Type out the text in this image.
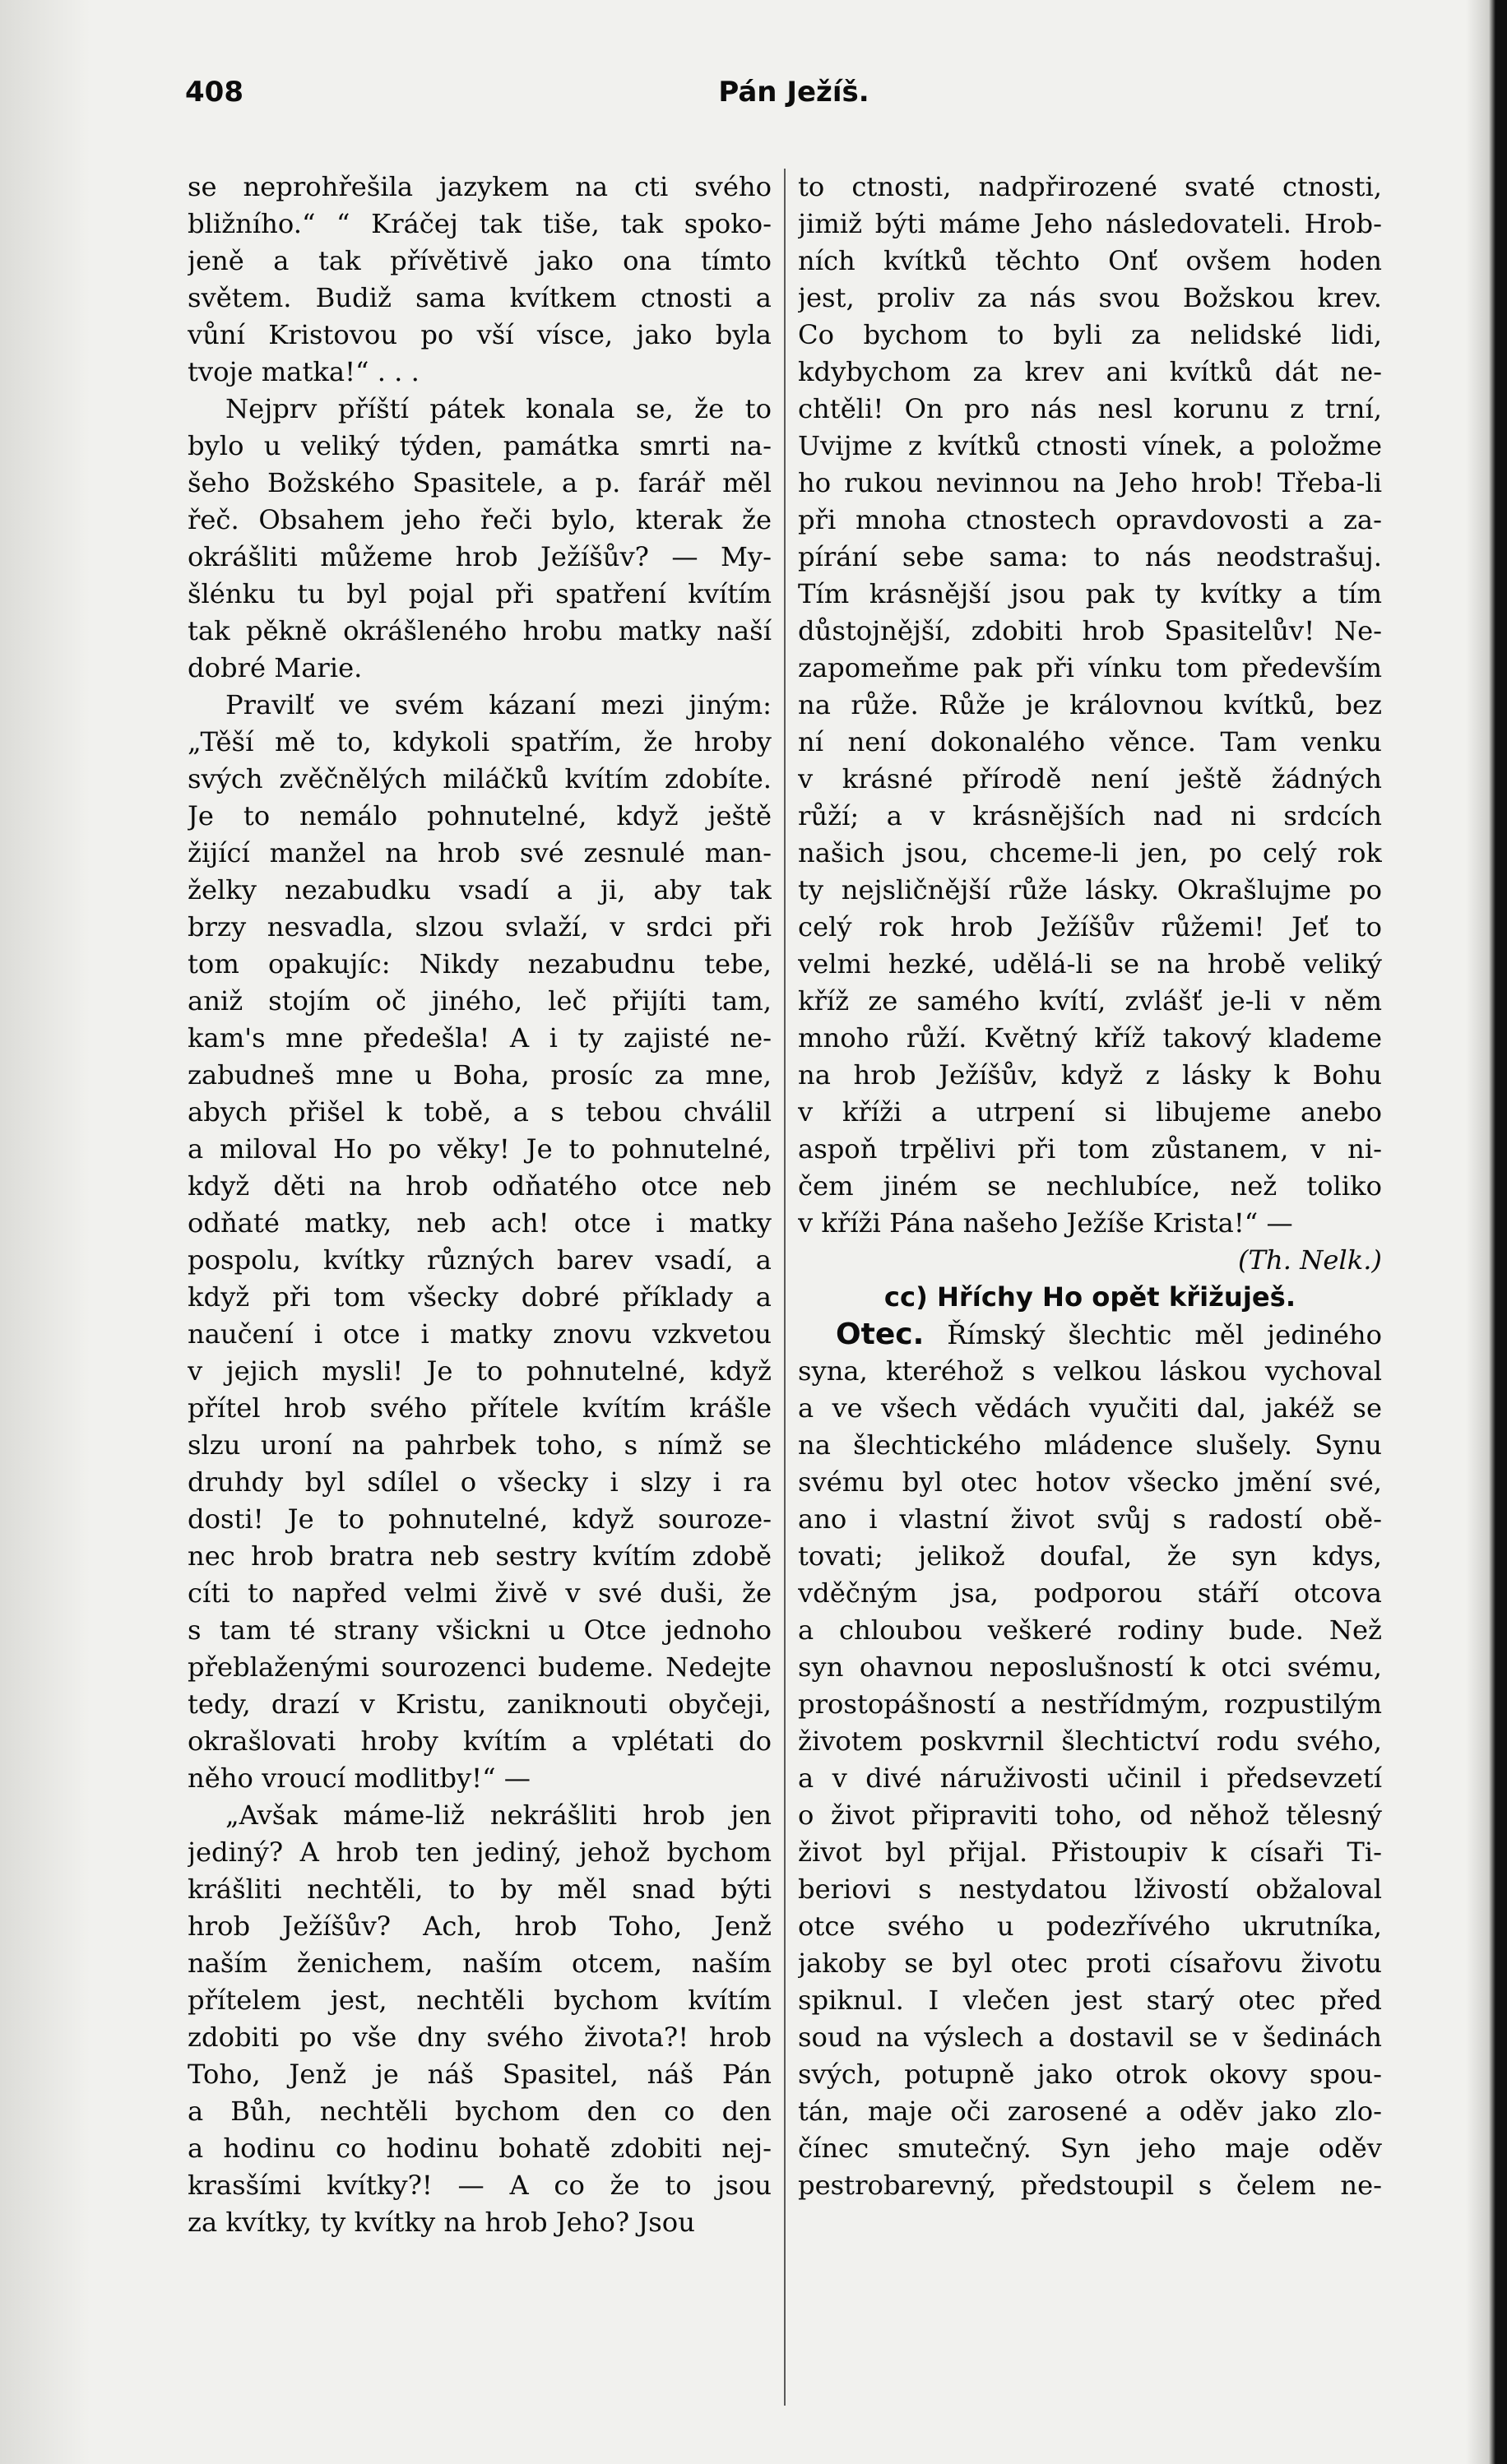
408	Pán Ježíš.
se neprohřešila jazykem na cti svého
bližního.“ “ Kráčej tak tiše, tak spoko-
jeně a tak přívětivě jako ona tímto
světem. Budiž sama kvítkem ctnosti a
vůní Kristovou po vší vísce, jako byla
tvoje matka!“ . . .
Nejprv příští pátek konala se, že to
bylo u veliký týden, památka smrti na-
šeho Božského Spasitele, a p. farář měl
řeč. Obsahem jeho řeči bylo, kterak že
okrášliti můžeme hrob Ježíšův? — My-
šlénku tu byl pojal při spatření kvítím
tak pěkně okrášleného hrobu matky naší
dobré Marie.
Pravilť ve svém kázaní mezi jiným:
„Těší mě to, kdykoli spatřím, že hroby
svých zvěčnělých miláčků kvítím zdobíte.
Je to nemálo pohnutelné, když ještě
žijící manžel na hrob své zesnulé man-
želky nezabudku vsadí a ji, aby tak
brzy nesvadla, slzou svlaží, v srdci při
tom opakujíc: Nikdy nezabudnu tebe,
aniž stojím oč jiného, leč přijíti tam,
kam's mne předešla! A i ty zajisté ne-
zabudneš mne u Boha, prosíc za mne,
abych přišel k tobě, a s tebou chválil
a miloval Ho po věky! Je to pohnutelné,
když děti na hrob odňatého otce neb
odňaté matky, neb ach! otce i matky
pospolu, kvítky různých barev vsadí, a
když při tom všecky dobré příklady a
naučení i otce i matky znovu vzkvetou
v jejich mysli! Je to pohnutelné, když
přítel hrob svého přítele kvítím krášle
slzu uroní na pahrbek toho, s nímž se
druhdy byl sdílel o všecky i slzy i ra
dosti! Je to pohnutelné, když souroze-
nec hrob bratra neb sestry kvítím zdobě
cíti to napřed velmi živě v své duši, že
s tam té strany všickni u Otce jednoho
přeblaženými sourozenci budeme. Nedejte
tedy, drazí v Kristu, zaniknouti obyčeji,
okrašlovati hroby kvítím a vplétati do
něho vroucí modlitby!“ —
„Avšak máme-liž nekrášliti hrob jen
jediný? A hrob ten jediný, jehož bychom
krášliti nechtěli, to by měl snad býti
hrob Ježíšův? Ach, hrob Toho, Jenž
naším ženichem, naším otcem, naším
přítelem jest, nechtěli bychom kvítím
zdobiti po vše dny svého života?! hrob
Toho, Jenž je náš Spasitel, náš Pán
a Bůh, nechtěli bychom den co den
a hodinu co hodinu bohatě zdobiti nej-
krasšími kvítky?! — A co že to jsou
za kvítky, ty kvítky na hrob Jeho? Jsou
to ctnosti, nadpřirozené svaté ctnosti,
jimiž býti máme Jeho následovateli. Hrob-
ních kvítků těchto Onť ovšem hoden
jest, proliv za nás svou Božskou krev.
Co bychom to byli za nelidské lidi,
kdybychom za krev ani kvítků dát ne-
chtěli! On pro nás nesl korunu z trní,
Uvijme z kvítků ctnosti vínek, a položme
ho rukou nevinnou na Jeho hrob! Třeba-li
při mnoha ctnostech opravdovosti a za-
pírání sebe sama: to nás neodstrašuj.
Tím krásnější jsou pak ty kvítky a tím
důstojnější, zdobiti hrob Spasitelův! Ne-
zapomeňme pak při vínku tom především
na růže. Růže je královnou kvítků, bez
ní není dokonalého věnce. Tam venku
v krásné přírodě není ještě žádných
růží; a v krásnějších nad ni srdcích
našich jsou, chceme-li jen, po celý rok
ty nejsličnější růže lásky. Okrašlujme po
celý rok hrob Ježíšův růžemi! Jeť to
velmi hezké, udělá-li se na hrobě veliký
kříž ze samého kvítí, zvlášť je-li v něm
mnoho růží. Květný kříž takový klademe
na hrob Ježíšův, když z lásky k Bohu
v kříži a utrpení si libujeme anebo
aspoň trpělivi při tom zůstanem, v ni-
čem jiném se nechlubíce, než toliko
v kříži Pána našeho Ježíše Krista!“ —
(Th. Nelk.)
cc) Hříchy Ho opět křižuješ.
Otec. Římský šlechtic měl jediného
syna, kteréhož s velkou láskou vychoval
a ve všech vědách vyučiti dal, jakéž se
na šlechtického mládence slušely. Synu
svému byl otec hotov všecko jmění své,
ano i vlastní život svůj s radostí obě-
tovati; jelikož doufal, že syn kdys,
vděčným jsa, podporou stáří otcova
a chloubou veškeré rodiny bude. Než
syn ohavnou neposlušností k otci svému,
prostopášností a nestřídmým, rozpustilým
životem poskvrnil šlechtictví rodu svého,
a v divé náruživosti učinil i předsevzetí
o život připraviti toho, od něhož tělesný
život byl přijal. Přistoupiv k císaři Ti-
beriovi s nestydatou lživostí obžaloval
otce svého u podezřívého ukrutníka,
jakoby se byl otec proti císařovu životu
spiknul. I vlečen jest starý otec před
soud na výslech a dostavil se v šedinách
svých, potupně jako otrok okovy spou-
tán, maje oči zarosené a oděv jako zlo-
čínec smutečný. Syn jeho maje oděv
pestrobarevný, předstoupil s čelem ne-
